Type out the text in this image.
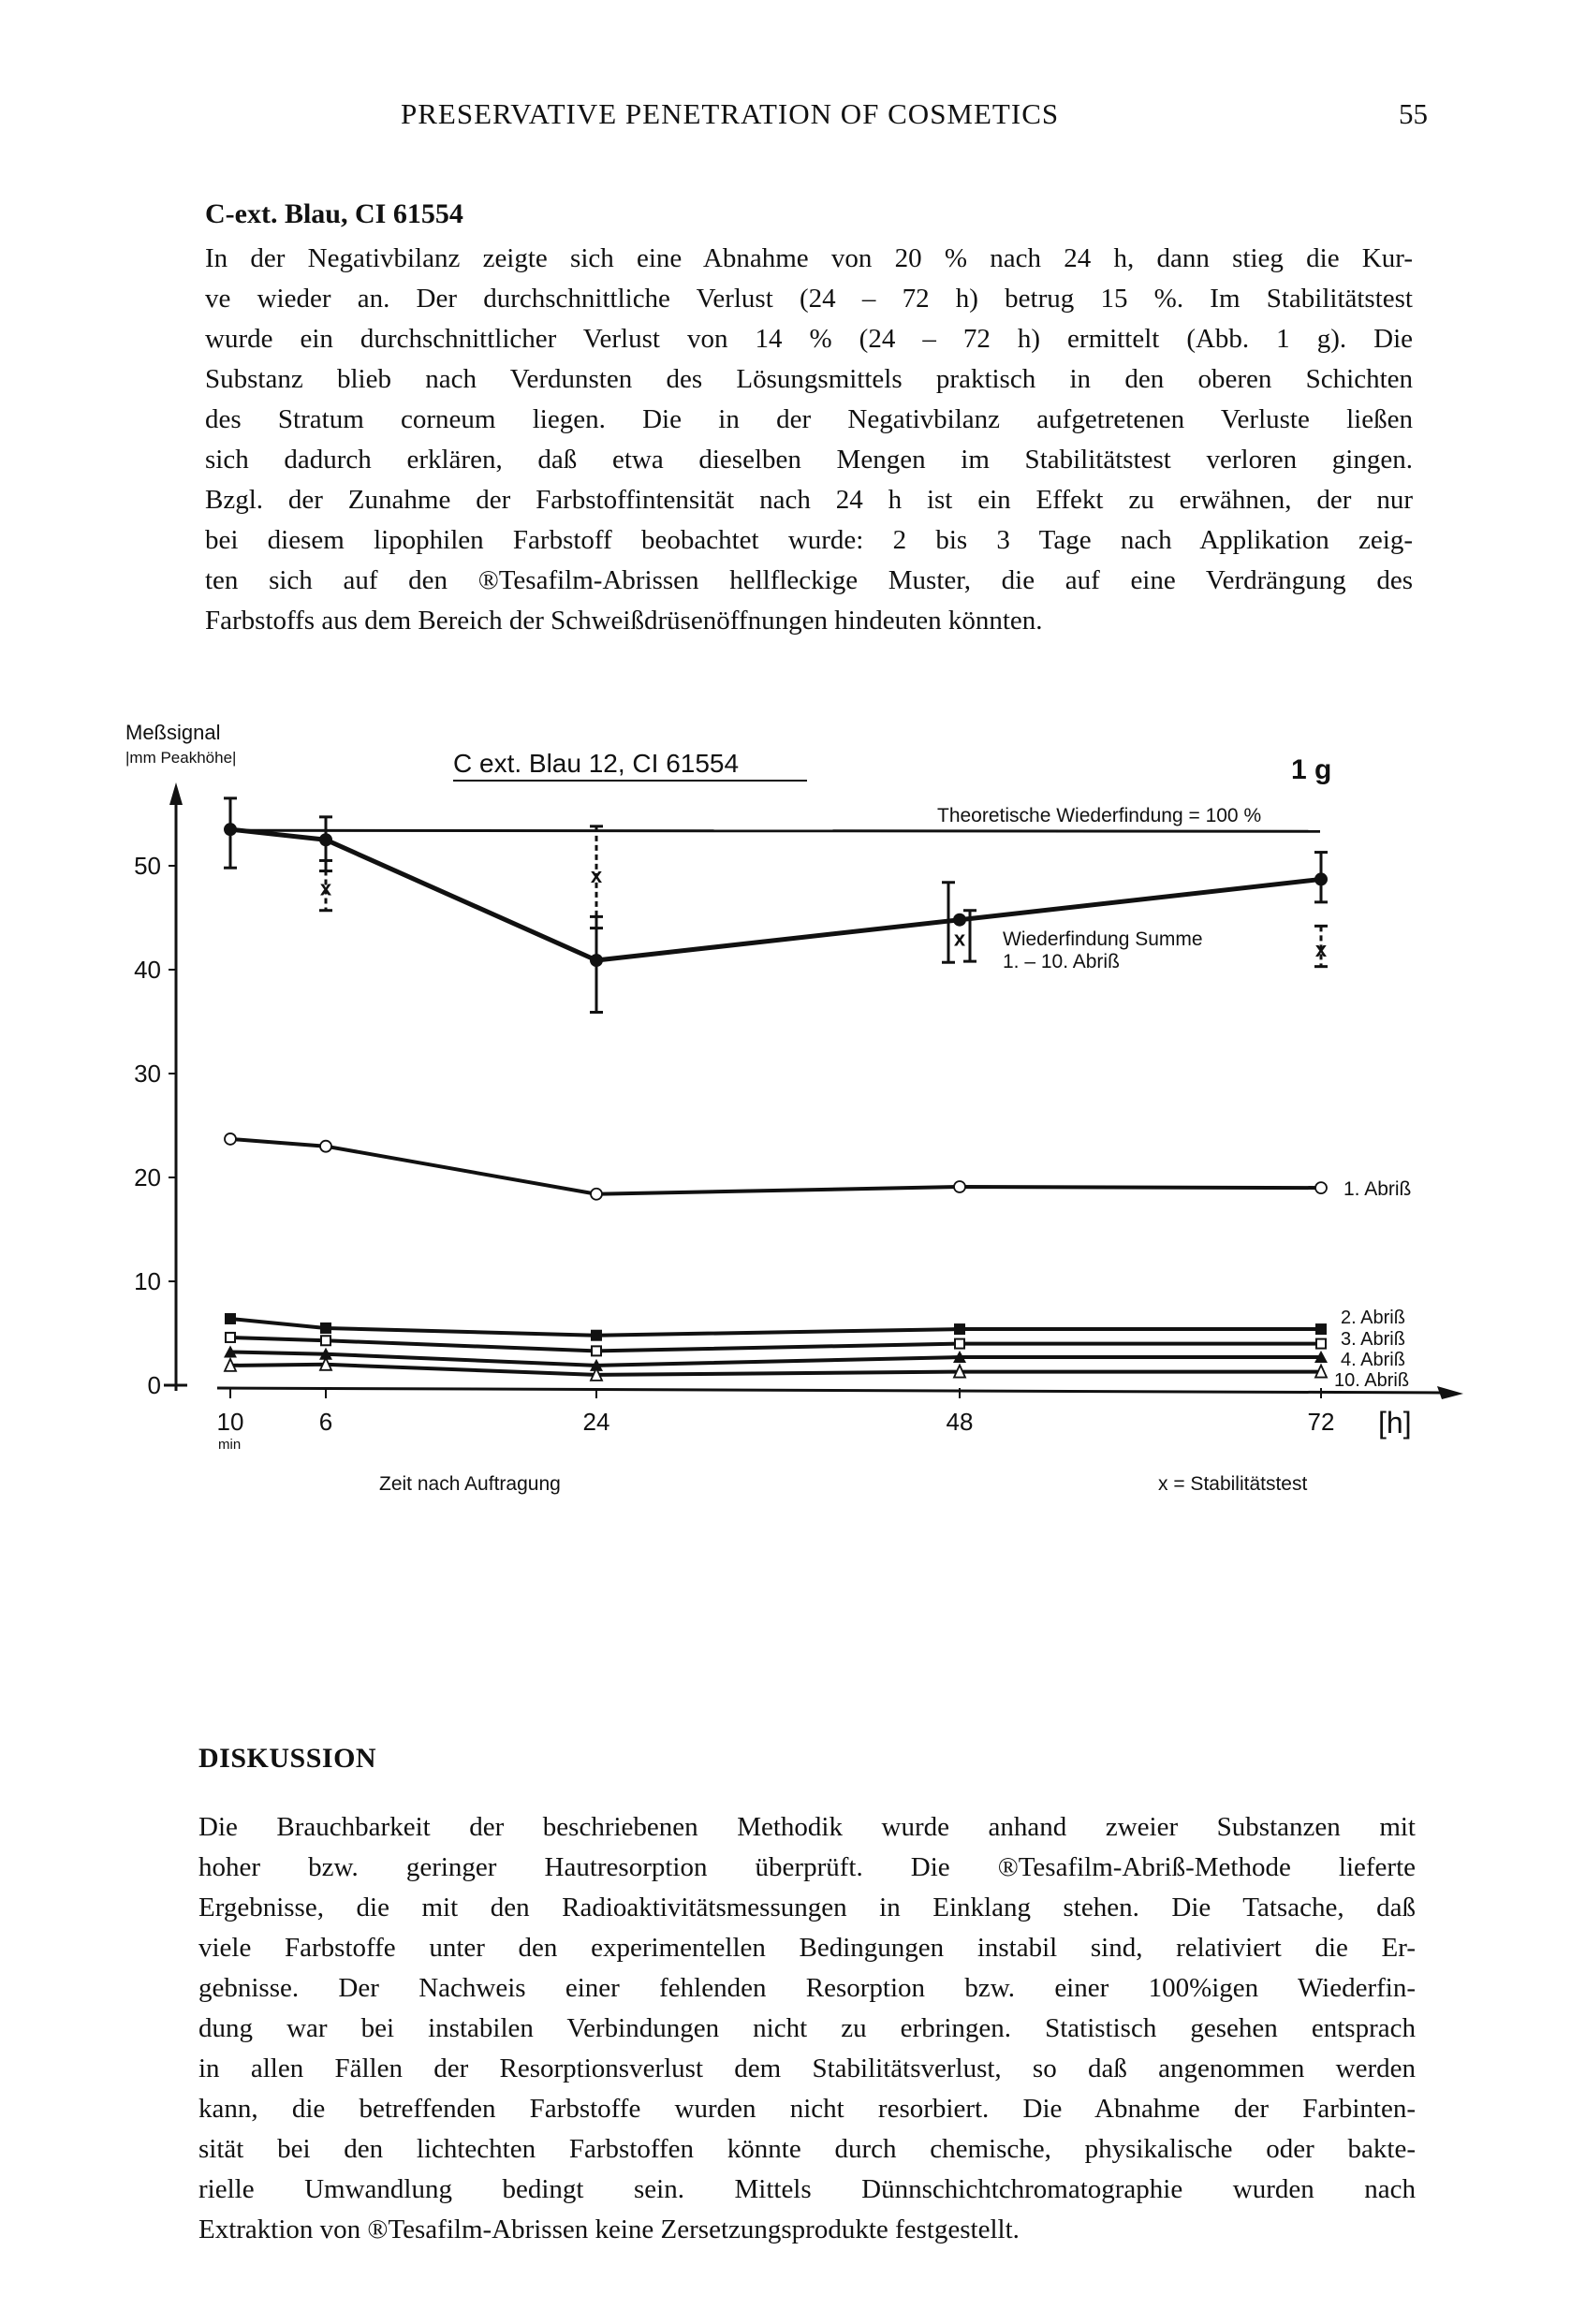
PRESERVATIVE PENETRATION OF COSMETICS	55
C-ext. Blau, CI 61554
In der Negativbilanz zeigte sich eine Abnahme von 20 % nach 24 h, dann stieg die Kur-
ve wieder an. Der durchschnittliche Verlust (24 – 72 h) betrug 15 %. Im Stabilitätstest
wurde ein durchschnittlicher Verlust von 14 % (24 – 72 h) ermittelt (Abb. 1 g). Die
Substanz blieb nach Verdunsten des Lösungsmittels praktisch in den oberen Schichten
des Stratum corneum liegen. Die in der Negativbilanz aufgetretenen Verluste ließen
sich dadurch erklären, daß etwa dieselben Mengen im Stabilitätstest verloren gingen.
Bzgl. der Zunahme der Farbstoffintensität nach 24 h ist ein Effekt zu erwähnen, der nur
bei diesem lipophilen Farbstoff beobachtet wurde: 2 bis 3 Tage nach Applikation zeig-
ten sich auf den ®Tesafilm-Abrissen hellfleckige Muster, die auf eine Verdrängung des
Farbstoffs aus dem Bereich der Schweißdrüsenöffnungen hindeuten könnten.
Meßsignal
|mm Peakhöhe|	C ext. Blau 12, CI 61554	1 g
Theoretische Wiederfindung = 100 %
Wiederfindung Summe
1. – 10. Abriß
1. Abriß
2. Abriß
3. Abriß
4. Abriß
10. Abriß
[h]
min
Zeit nach Auftragung	x = Stabilitätstest
0
10
20
30
40
50
10	6	24	48	72
x
x
x	x
DISKUSSION
Die Brauchbarkeit der beschriebenen Methodik wurde anhand zweier Substanzen mit
hoher bzw. geringer Hautresorption überprüft. Die ®Tesafilm-Abriß-Methode lieferte
Ergebnisse, die mit den Radioaktivitätsmessungen in Einklang stehen. Die Tatsache, daß
viele Farbstoffe unter den experimentellen Bedingungen instabil sind, relativiert die Er-
gebnisse. Der Nachweis einer fehlenden Resorption bzw. einer 100%igen Wiederfin-
dung war bei instabilen Verbindungen nicht zu erbringen. Statistisch gesehen entsprach
in allen Fällen der Resorptionsverlust dem Stabilitätsverlust, so daß angenommen werden
kann, die betreffenden Farbstoffe wurden nicht resorbiert. Die Abnahme der Farbinten-
sität bei den lichtechten Farbstoffen könnte durch chemische, physikalische oder bakte-
rielle Umwandlung bedingt sein. Mittels Dünnschichtchromatographie wurden nach
Extraktion von ®Tesafilm-Abrissen keine Zersetzungsprodukte festgestellt.
